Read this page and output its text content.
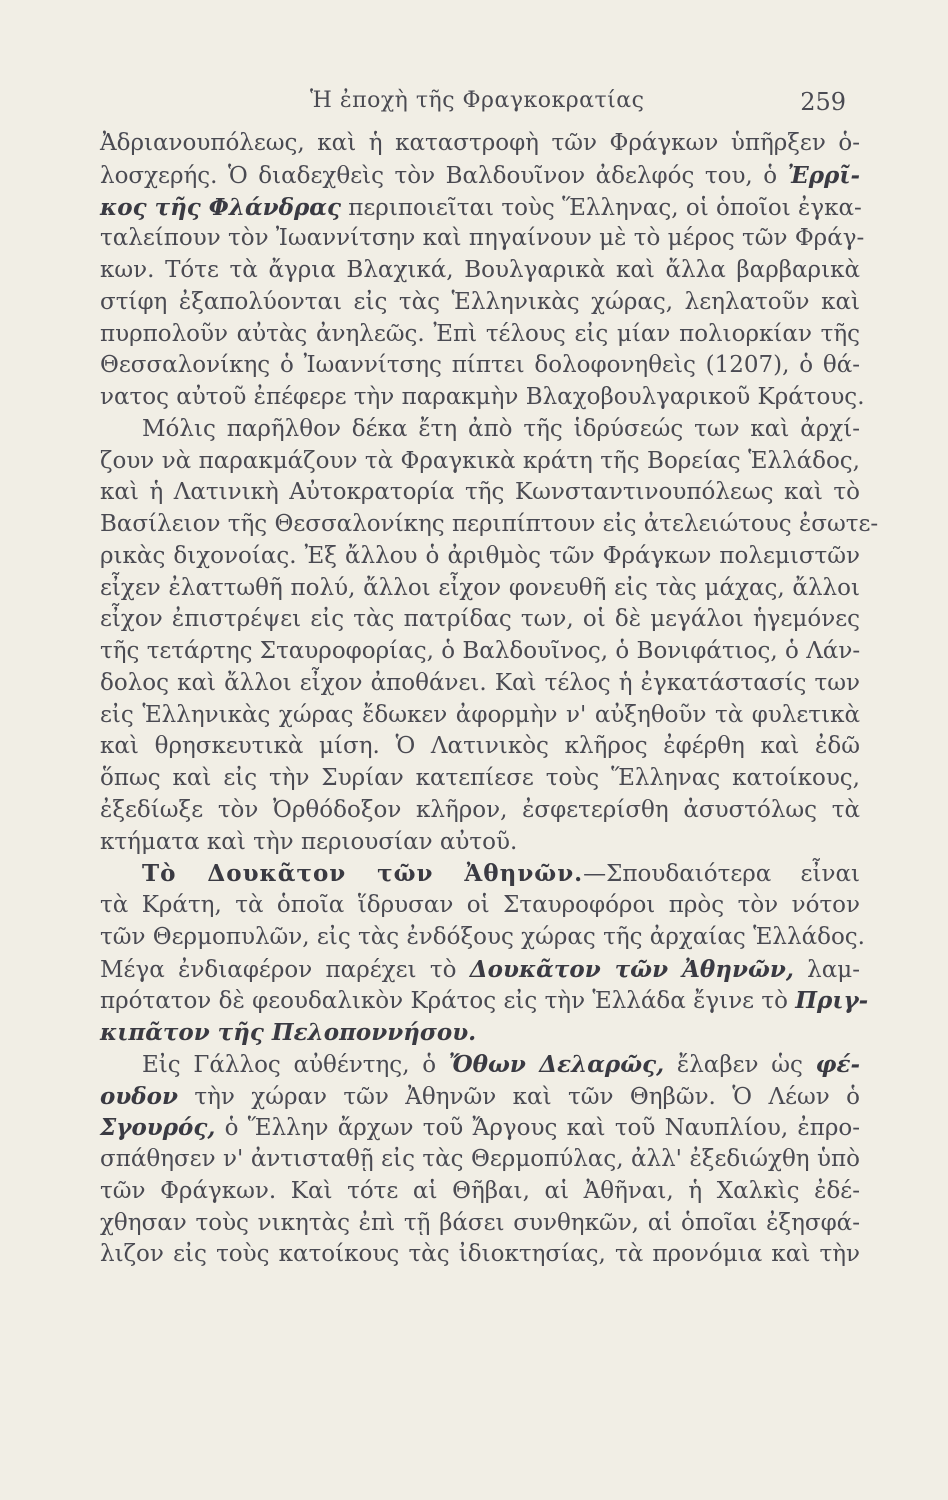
Ἡ ἐποχὴ τῆς Φραγκοκρατίας	259
Ἀδριανουπόλεως, καὶ ἡ καταστροφὴ τῶν Φράγκων ὑπῆρξεν ὁ-
λοσχερής. Ὁ διαδεχθεὶς τὸν Βαλδουῖνον ἀδελφός του, ὁ Ἐρρῖ-
κος τῆς Φλάνδρας περιποιεῖται τοὺς Ἕλληνας, οἱ ὁποῖοι ἐγκα-
ταλείπουν τὸν Ἰωαννίτσην καὶ πηγαίνουν μὲ τὸ μέρος τῶν Φράγ-
κων. Τότε τὰ ἄγρια Βλαχικά, Βουλγαρικὰ καὶ ἄλλα βαρβαρικὰ
στίφη ἐξαπολύονται εἰς τὰς Ἑλληνικὰς χώρας, λεηλατοῦν καὶ
πυρπολοῦν αὐτὰς ἀνηλεῶς. Ἐπὶ τέλους εἰς μίαν πολιορκίαν τῆς
Θεσσαλονίκης ὁ Ἰωαννίτσης πίπτει δολοφονηθεὶς (1207), ὁ θά-
νατος αὐτοῦ ἐπέφερε τὴν παρακμὴν Βλαχοβουλγαρικοῦ Κράτους.
Μόλις παρῆλθον δέκα ἔτη ἀπὸ τῆς ἱδρύσεώς των καὶ ἀρχί-
ζουν νὰ παρακμάζουν τὰ Φραγκικὰ κράτη τῆς Βορείας Ἑλλάδος,
καὶ ἡ Λατινικὴ Αὐτοκρατορία τῆς Κωνσταντινουπόλεως καὶ τὸ
Βασίλειον τῆς Θεσσαλονίκης περιπίπτουν εἰς ἀτελειώτους ἐσωτε-
ρικὰς διχονοίας. Ἐξ ἄλλου ὁ ἀριθμὸς τῶν Φράγκων πολεμιστῶν
εἶχεν ἐλαττωθῆ πολύ, ἄλλοι εἶχον φονευθῆ εἰς τὰς μάχας, ἄλλοι
εἶχον ἐπιστρέψει εἰς τὰς πατρίδας των, οἱ δὲ μεγάλοι ἡγεμόνες
τῆς τετάρτης Σταυροφορίας, ὁ Βαλδουῖνος, ὁ Βονιφάτιος, ὁ Λάν-
δολος καὶ ἄλλοι εἶχον ἀποθάνει. Καὶ τέλος ἡ ἐγκατάστασίς των
εἰς Ἑλληνικὰς χώρας ἔδωκεν ἀφορμὴν ν' αὐξηθοῦν τὰ φυλετικὰ
καὶ θρησκευτικὰ μίση. Ὁ Λατινικὸς κλῆρος ἐφέρθη καὶ ἐδῶ
ὅπως καὶ εἰς τὴν Συρίαν κατεπίεσε τοὺς Ἕλληνας κατοίκους,
ἐξεδίωξε τὸν Ὀρθόδοξον κλῆρον, ἐσφετερίσθη ἀσυστόλως τὰ
κτήματα καὶ τὴν περιουσίαν αὐτοῦ.
Τὸ Δουκᾶτον τῶν Ἀθηνῶν.—Σπουδαιότερα εἶναι
τὰ Κράτη, τὰ ὁποῖα ἵδρυσαν οἱ Σταυροφόροι πρὸς τὸν νότον
τῶν Θερμοπυλῶν, εἰς τὰς ἐνδόξους χώρας τῆς ἀρχαίας Ἑλλάδος.
Μέγα ἐνδιαφέρον παρέχει τὸ Δουκᾶτον τῶν Ἀθηνῶν, λαμ-
πρότατον δὲ φεουδαλικὸν Κράτος εἰς τὴν Ἑλλάδα ἔγινε τὸ Πριγ-
κιπᾶτον τῆς Πελοποννήσου.
Εἰς Γάλλος αὐθέντης, ὁ Ὄθων Δελαρῶς, ἔλαβεν ὡς φέ-
ουδον τὴν χώραν τῶν Ἀθηνῶν καὶ τῶν Θηβῶν. Ὁ Λέων ὁ
Σγουρός, ὁ Ἕλλην ἄρχων τοῦ Ἄργους καὶ τοῦ Ναυπλίου, ἐπρο-
σπάθησεν ν' ἀντισταθῇ εἰς τὰς Θερμοπύλας, ἀλλ' ἐξεδιώχθη ὑπὸ
τῶν Φράγκων. Καὶ τότε αἱ Θῆβαι, αἱ Ἀθῆναι, ἡ Χαλκὶς ἐδέ-
χθησαν τοὺς νικητὰς ἐπὶ τῇ βάσει συνθηκῶν, αἱ ὁποῖαι ἐξησφά-
λιζον εἰς τοὺς κατοίκους τὰς ἰδιοκτησίας, τὰ προνόμια καὶ τὴν
